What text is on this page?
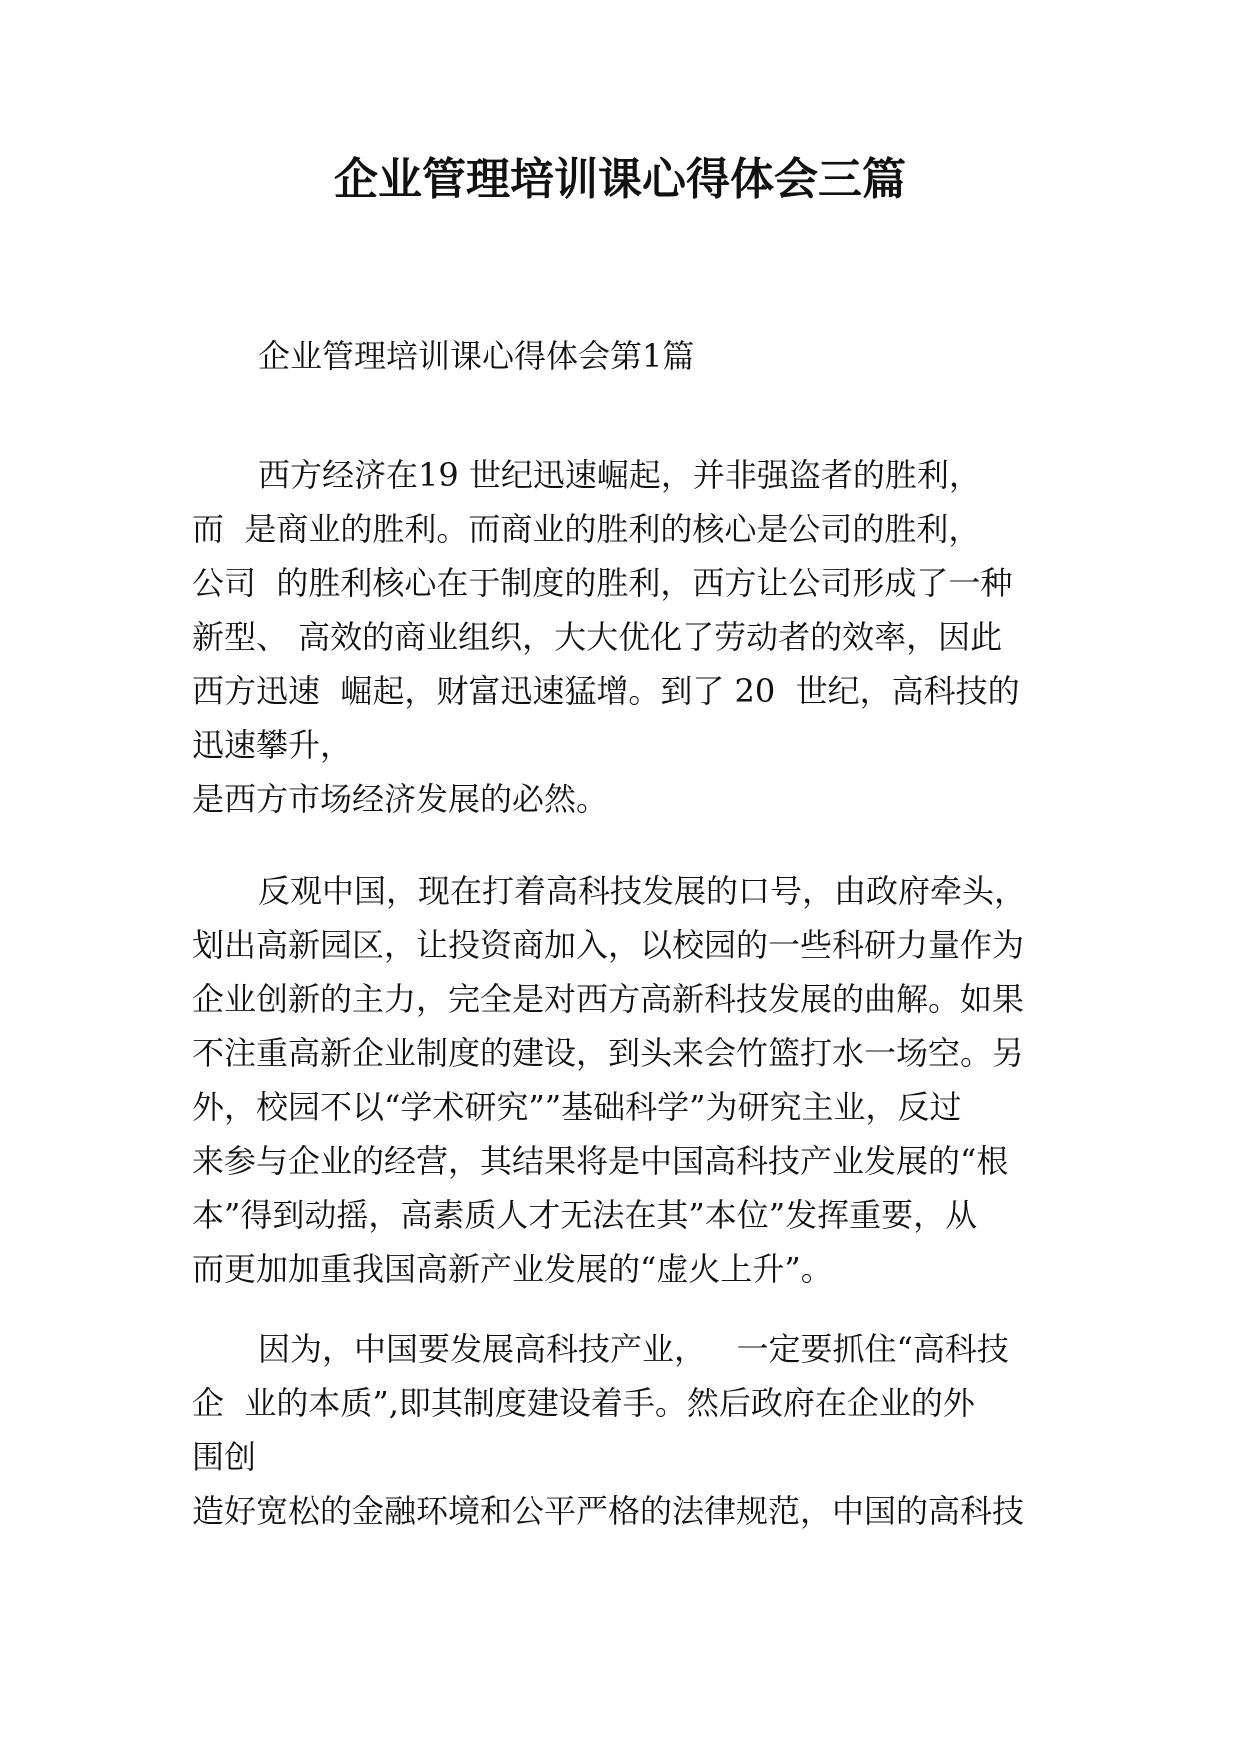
企业管理培训课心得体会三篇
企业管理培训课心得体会第1篇
西方经济在19 世纪迅速崛起，并非强盗者的胜利，
而  是商业的胜利。而商业的胜利的核心是公司的胜利，
公司  的胜利核心在于制度的胜利，西方让公司形成了一种
新型、 高效的商业组织，大大优化了劳动者的效率，因此
西方迅速  崛起，财富迅速猛增。到了 20  世纪，高科技的
迅速攀升，
是西方市场经济发展的必然。
反观中国，现在打着高科技发展的口号，由政府牵头，
划出高新园区，让投资商加入，以校园的一些科研力量作为
企业创新的主力，完全是对西方高新科技发展的曲解。如果
不注重高新企业制度的建设，到头来会竹篮打水一场空。另
外，校园不以“学术研究””基础科学”为研究主业，反过
来参与企业的经营，其结果将是中国高科技产业发展的“根
本”得到动摇，高素质人才无法在其”本位”发挥重要，从
而更加加重我国高新产业发展的“虚火上升”。
因为，中国要发展高科技产业，   一定要抓住“高科技
企  业的本质”,即其制度建设着手。然后政府在企业的外
围创
造好宽松的金融环境和公平严格的法律规范，中国的高科技
